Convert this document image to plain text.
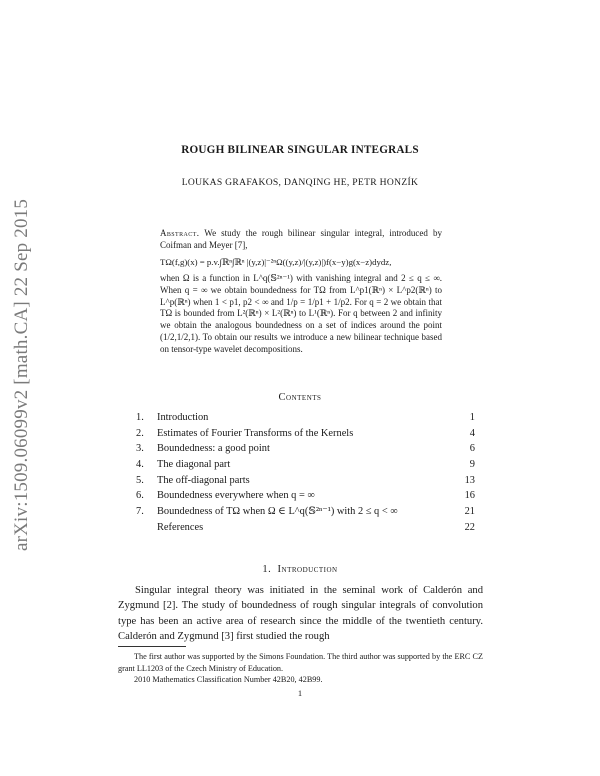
arXiv:1509.06099v2 [math.CA] 22 Sep 2015
ROUGH BILINEAR SINGULAR INTEGRALS
LOUKAS GRAFAKOS, DANQING HE, PETR HONZÍK
Abstract. We study the rough bilinear singular integral, introduced by Coifman and Meyer [7],
TΩ(f,g)(x) = p.v.∫ℝⁿ∫ℝⁿ |(y,z)|⁻²ⁿΩ((y,z)/|(y,z)|)f(x−y)g(x−z)dydz,
when Ω is a function in L^q(𝕊²ⁿ⁻¹) with vanishing integral and 2 ≤ q ≤ ∞. When q = ∞ we obtain boundedness for TΩ from L^p1(ℝⁿ) × L^p2(ℝⁿ) to L^p(ℝⁿ) when 1 < p1, p2 < ∞ and 1/p = 1/p1 + 1/p2. For q = 2 we obtain that TΩ is bounded from L²(ℝⁿ) × L²(ℝⁿ) to L¹(ℝⁿ). For q between 2 and infinity we obtain the analogous boundedness on a set of indices around the point (1/2,1/2,1). To obtain our results we introduce a new bilinear technique based on tensor-type wavelet decompositions.
Contents
1. Introduction	1
2. Estimates of Fourier Transforms of the Kernels	4
3. Boundedness: a good point	6
4. The diagonal part	9
5. The off-diagonal parts	13
6. Boundedness everywhere when q = ∞	16
7. Boundedness of TΩ when Ω ∈ L^q(𝕊²ⁿ⁻¹) with 2 ≤ q < ∞	21
References	22
1. Introduction
Singular integral theory was initiated in the seminal work of Calderón and Zygmund [2]. The study of boundedness of rough singular integrals of convolution type has been an active area of research since the middle of the twentieth century. Calderón and Zygmund [3] first studied the rough

The first author was supported by the Simons Foundation. The third author was supported by the ERC CZ grant LL1203 of the Czech Ministry of Education.

2010 Mathematics Classification Number 42B20, 42B99.

1
